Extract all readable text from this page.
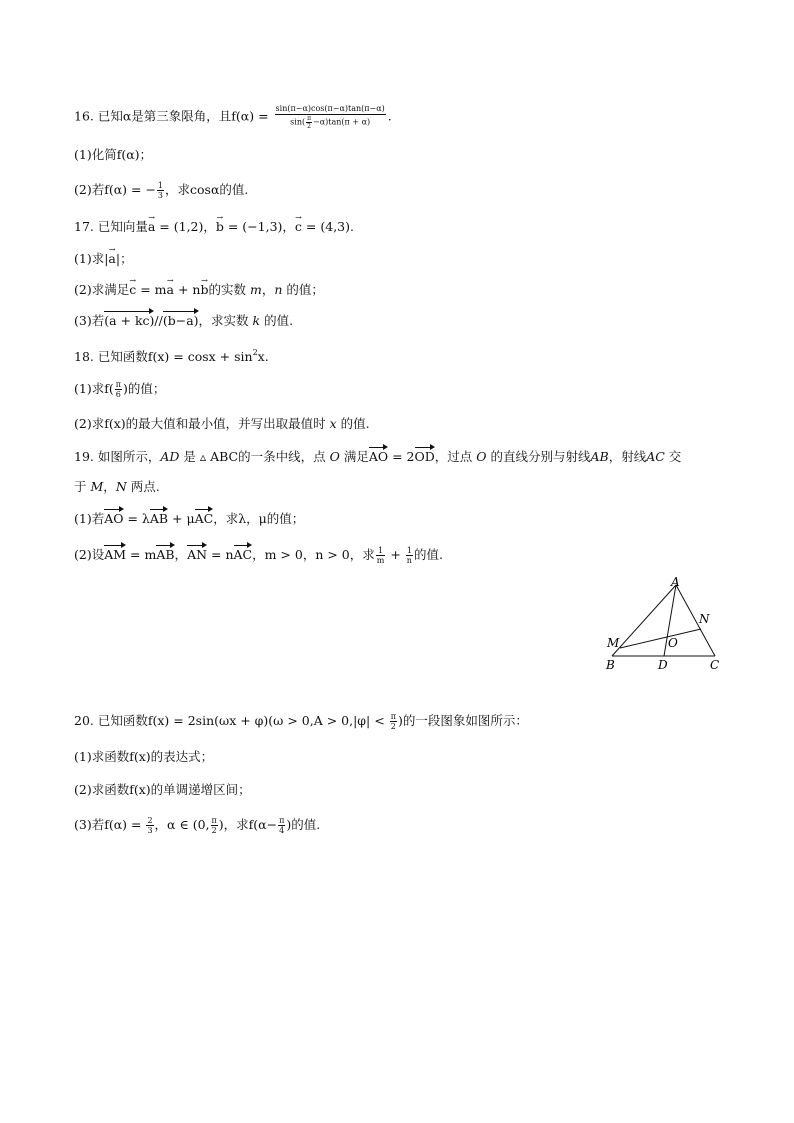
16. 已知α是第三象限角，且$f(\alpha) = \frac{\sin(\pi-\alpha)\cos(\pi-\alpha)\tan(\pi-\alpha)}{\sin( \frac{\pi}{2} -\alpha)\tan(\pi + \alpha)}$ .
(1)化简f(α)；
(2)若f(α) = − $\frac{1}{3}$ ，求cosα的值.
17. 已知向量→ a = (1,2)，→ b = (−1,3)，→ c = (4,3).
(1)求|→ a|；
(2)求满足→ c = m→ a + n→ b的实数 m，n 的值；
(3)若(a + kc)//(b−a)，求实数 k 的值.
18. 已知函数$f(x) = \cos x + \sin^2x$.
(1)求$f( \frac{\pi}{6}$ )的值；
(2)求f(x)的最大值和最小值，并写出取最值时 x 的值.
19. 如图所示，AD 是 ▵ ABC的一条中线，点 O 满足AO = 2OD，过点 O 的直线分别与射线AB，射线AC 交
于 M，N 两点.
(1)若AO = λAB + μAC，求λ，μ的值；
(2)设AM = mAB，AN = nAC，m > 0，n > 0，求 $\frac{1}{m} + \frac{1}{n}$ 的值.
A
B	C
D
M
N
O
20. 已知函数$f(x) = 2\sin(\omega x + \varphi)(\omega > 0,A > 0,|\varphi| < \frac{\pi}{2}$ )的一段图象如图所示：
(1)求函数f(x)的表达式；
(2)求函数f(x)的单调递增区间；
(3)若$f(\alpha) = \frac{2}{3}$ ，α ∈ (0, $\frac{\pi}{2}$ )，求$f(\alpha- \frac{\pi}{4}$ )的值.
